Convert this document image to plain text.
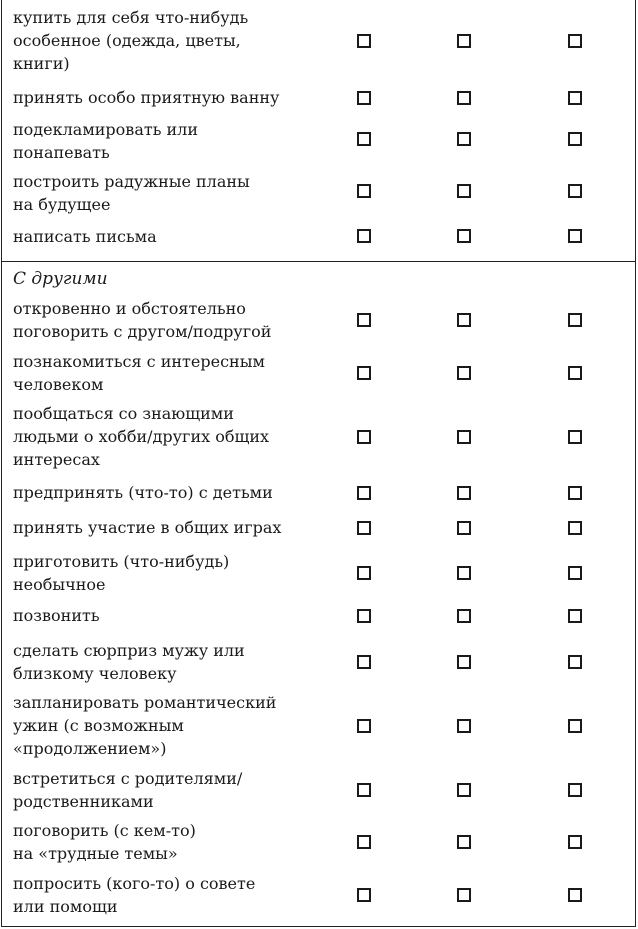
купить для себя что-нибудь
особенное (одежда, цветы,
книги)
принять особо приятную ванну
подекламировать или
понапевать
построить радужные планы
на будущее
написать письма
С другими
откровенно и обстоятельно
поговорить с другом/подругой
познакомиться с интересным
человеком
пообщаться со знающими
людьми о хобби/других общих
интересах
предпринять (что-то) с детьми
принять участие в общих играх
приготовить (что-нибудь)
необычное
позвонить
сделать сюрприз мужу или
близкому человеку
запланировать романтический
ужин (с возможным
«продолжением»)
встретиться с родителями/
родственниками
поговорить (с кем-то)
на «трудные темы»
попросить (кого-то) о совете
или помощи
